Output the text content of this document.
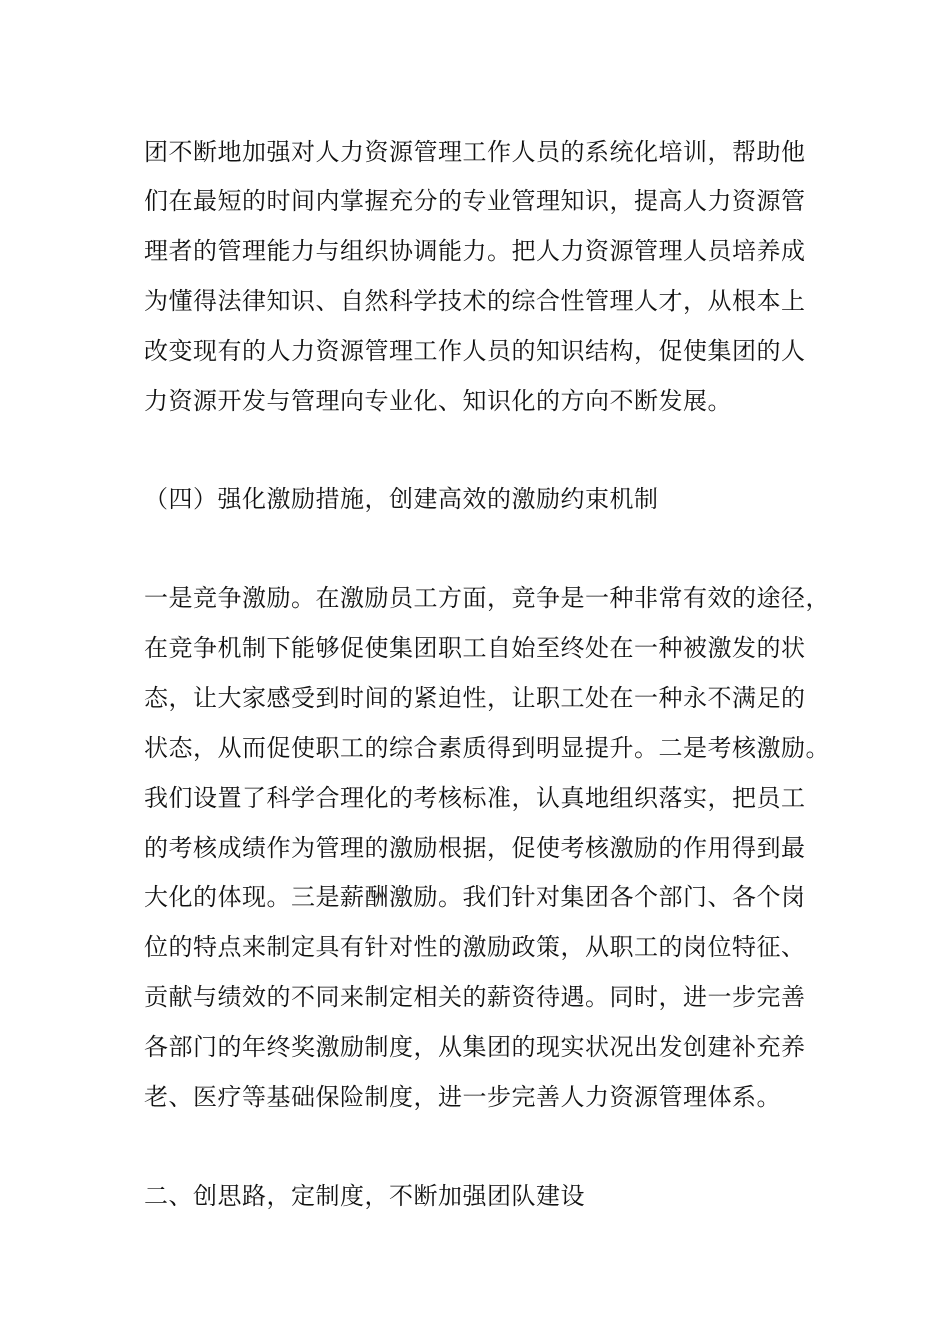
团不断地加强对人力资源管理工作人员的系统化培训，帮助他
们在最短的时间内掌握充分的专业管理知识，提高人力资源管
理者的管理能力与组织协调能力。把人力资源管理人员培养成
为懂得法律知识、自然科学技术的综合性管理人才，从根本上
改变现有的人力资源管理工作人员的知识结构，促使集团的人
力资源开发与管理向专业化、知识化的方向不断发展。
（四）强化激励措施，创建高效的激励约束机制
一是竞争激励。在激励员工方面，竞争是一种非常有效的途径，
在竞争机制下能够促使集团职工自始至终处在一种被激发的状
态，让大家感受到时间的紧迫性，让职工处在一种永不满足的
状态，从而促使职工的综合素质得到明显提升。二是考核激励。
我们设置了科学合理化的考核标准，认真地组织落实，把员工
的考核成绩作为管理的激励根据，促使考核激励的作用得到最
大化的体现。三是薪酬激励。我们针对集团各个部门、各个岗
位的特点来制定具有针对性的激励政策，从职工的岗位特征、
贡献与绩效的不同来制定相关的薪资待遇。同时，进一步完善
各部门的年终奖激励制度，从集团的现实状况出发创建补充养
老、医疗等基础保险制度，进一步完善人力资源管理体系。
二、创思路，定制度，不断加强团队建设
